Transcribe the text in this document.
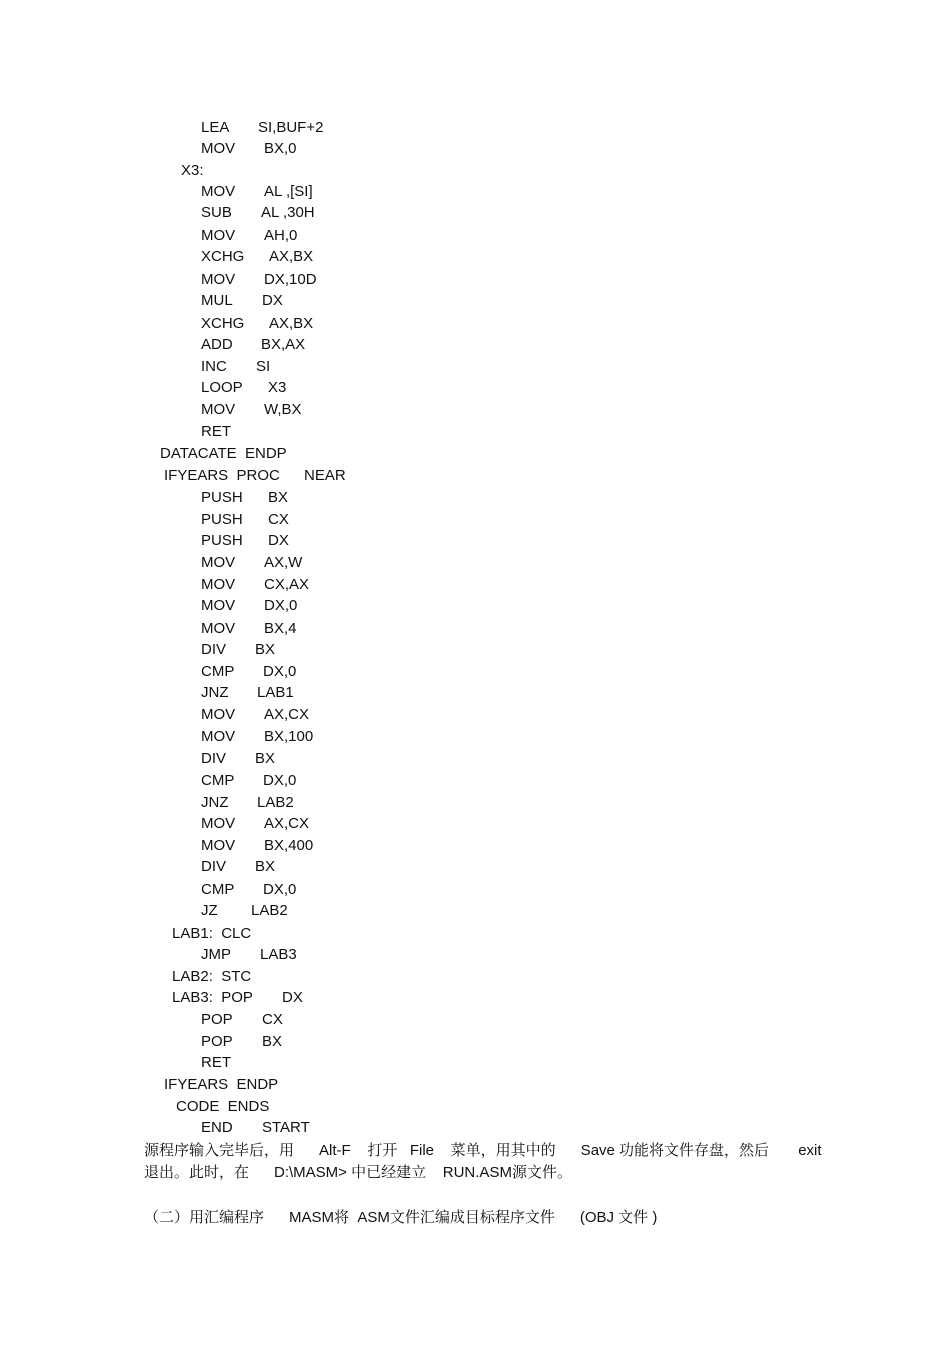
LEA SI,BUF+2
MOV BX,0
X3:
MOV AL ,[SI]
SUB AL ,30H
MOV AH,0
XCHG AX,BX
MOV DX,10D
MUL DX
XCHG AX,BX
ADD BX,AX
INC SI
LOOP X3
MOV W,BX
RET
DATACATE  ENDP
IFYEARS  PROC NEAR
PUSH BX
PUSH CX
PUSH DX
MOV AX,W
MOV CX,AX
MOV DX,0
MOV BX,4
DIV BX
CMP DX,0
JNZ LAB1
MOV AX,CX
MOV BX,100
DIV BX
CMP DX,0
JNZ LAB2
MOV AX,CX
MOV BX,400
DIV BX
CMP DX,0
JZ LAB2
LAB1:  CLC
JMP LAB3
LAB2:  STC
LAB3:  POP DX
POP CX
POP BX
RET
IFYEARS  ENDP
CODE  ENDS
END START
源程序输入完毕后，用      Alt-F    打开   File    菜单，用其中的      Save 功能将文件存盘，然后       exit
退出。此时，在      D:\MASM> 中已经建立    RUN.ASM源文件。
（二）用汇编程序      MASM将  ASM文件汇编成目标程序文件      (OBJ 文件 )
